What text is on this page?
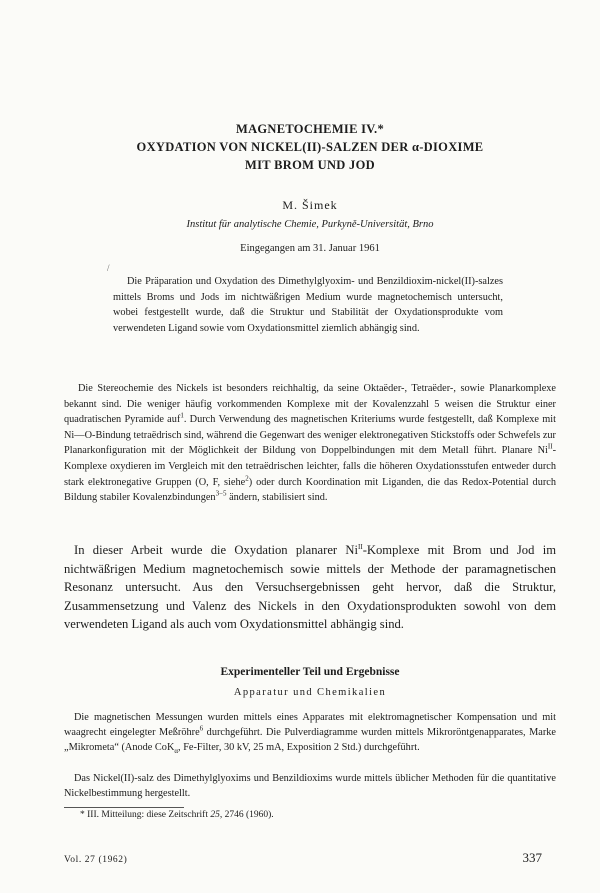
MAGNETOCHEMIE IV.*
OXYDATION VON NICKEL(II)-SALZEN DER α-DIOXIME
MIT BROM UND JOD
M. Šimek
Institut für analytische Chemie, Purkyně-Universität, Brno
Eingegangen am 31. Januar 1961
/

Die Präparation und Oxydation des Dimethylglyoxim- und Benzildioxim-nickel(II)-salzes mittels Broms und Jods im nichtwäßrigen Medium wurde magnetochemisch untersucht, wobei festgestellt wurde, daß die Struktur und Stabilität der Oxydationsprodukte vom verwendeten Ligand sowie vom Oxydationsmittel ziemlich abhängig sind.

Die Stereochemie des Nickels ist besonders reichhaltig, da seine Oktaëder-, Tetraëder-, sowie Planarkomplexe bekannt sind. Die weniger häufig vorkommenden Komplexe mit der Kovalenzzahl 5 weisen die Struktur einer quadratischen Pyramide auf$^1$. Durch Verwendung des magnetischen Kriteriums wurde festgestellt, daß Komplexe mit Ni—O-Bindung tetraëdrisch sind, während die Gegenwart des weniger elektronegativen Stickstoffs oder Schwefels zur Planarkonfiguration mit der Möglichkeit der Bildung von Doppelbindungen mit dem Metall führt. Planare $Ni^{II}$-Komplexe oxydieren im Vergleich mit den tetraëdrischen leichter, falls die höheren Oxydationsstufen entweder durch stark elektronegative Gruppen (O, F, siehe$^2$) oder durch Koordination mit Liganden, die das Redox-Potential durch Bildung stabiler Kovalenzbindungen$^{3-5}$ ändern, stabilisiert sind.

In dieser Arbeit wurde die Oxydation planarer $Ni^{II}$-Komplexe mit Brom und Jod im nichtwäßrigen Medium magnetochemisch sowie mittels der Methode der paramagnetischen Resonanz untersucht. Aus den Versuchsergebnissen geht hervor, daß die Struktur, Zusammensetzung und Valenz des Nickels in den Oxydationsprodukten sowohl von dem verwendeten Ligand als auch vom Oxydationsmittel abhängig sind.

Experimenteller Teil und Ergebnisse
Apparatur und Chemikalien

Die magnetischen Messungen wurden mittels eines Apparates mit elektromagnetischer Kompensation und mit waagrecht eingelegter Meßröhre$^6$ durchgeführt. Die Pulverdiagramme wurden mittels Mikroröntgenapparates, Marke „Mikrometa“ (Anode CoK$_\alpha$, Fe-Filter, 30 kV, 25 mA, Exposition 2 Std.) durchgeführt.

Das Nickel(II)-salz des Dimethylglyoxims und Benzildioxims wurde mittels üblicher Methoden für die quantitative Nickelbestimmung hergestellt.

* III. Mitteilung: diese Zeitschrift 25, 2746 (1960).
Vol. 27 (1962)	337
